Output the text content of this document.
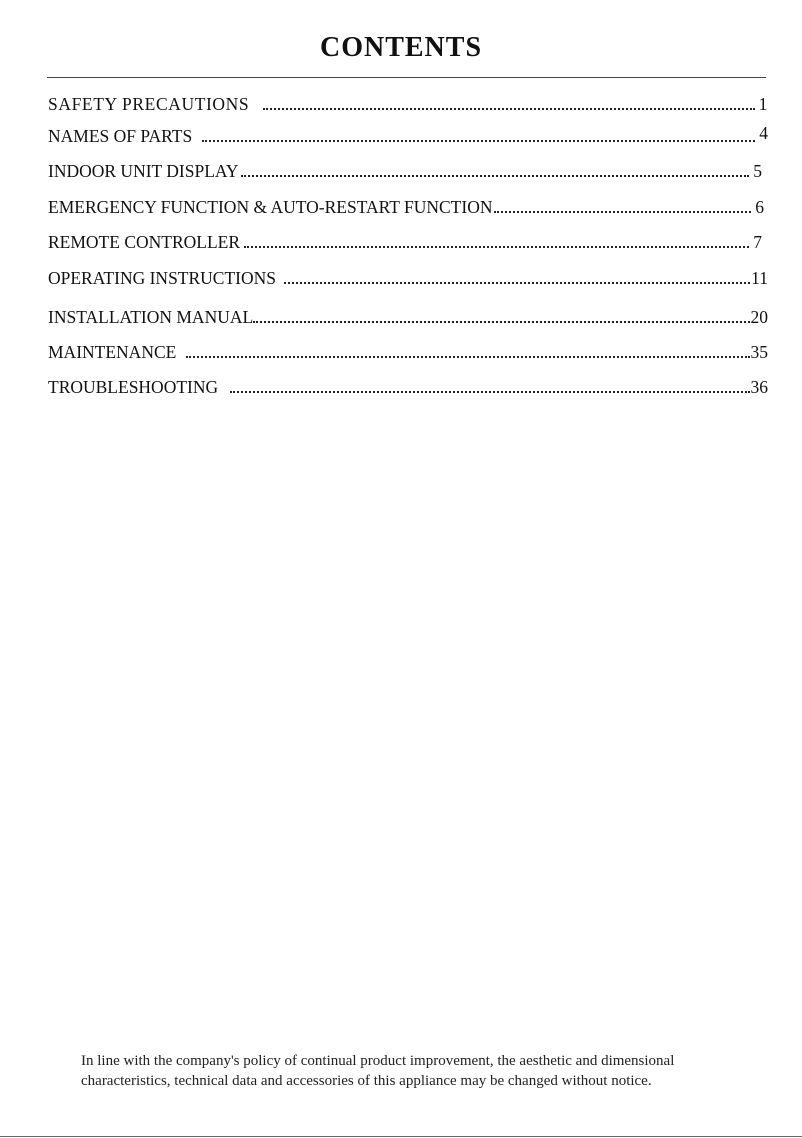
CONTENTS
SAFETY PRECAUTIONS	1
NAMES OF PARTS	4
INDOOR UNIT DISPLAY	5
EMERGENCY FUNCTION & AUTO-RESTART FUNCTION	6
REMOTE CONTROLLER	7
OPERATING INSTRUCTIONS	11
INSTALLATION MANUAL	20
MAINTENANCE	35
TROUBLESHOOTING	36

In line with the company's policy of continual product improvement, the aesthetic and dimensional

characteristics, technical data and accessories of this appliance may be changed without notice.
